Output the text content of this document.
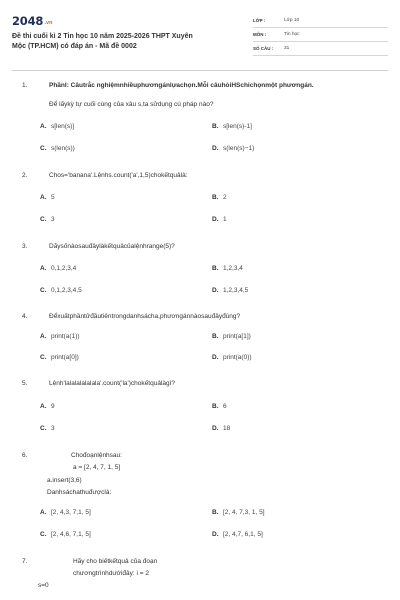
2048.vn
Đề thi cuối kì 2 Tin học 10 năm 2025-2026 THPT Xuyên
Mộc (TP.HCM) có đáp án - Mã đề 0002
LỚP :	Lớp 10
MÔN :	Tin học
SỐ CÂU :	31
1.	PhầnI: Câutrắc nghiệmnhiềuphươngánlựachọn.Mỗi câuhỏiHSchichọnmột phươngán.
Để lấykỳ tự cuối cùng của xâu s,ta sửdụng cú pháp nào?
A. s[len(s)]	B. s[len(s)-1]
C. s(len(s))	D. s(len(s)−1)
2.	Chos='banana'.Lệnhs.count('a',1,5)chokếtquảlà:
A. 5	B. 2
C. 3	D. 1
3.	Dãysốnàosauđâylàkếtquảcủalệnhrange(5)?
A. 0,1,2,3,4	B. 1,2,3,4
C. 0,1,2,3,4,5	D. 1,2,3,4,5
4.	Đểxuấtphầntửđầutiêntrongdanhsácha,phươngánnàosauđâyđúng?
A. print(a(1))	B. print(a[1])
C. print(a[0])	D. print(a(0))
5.	Lệnh'lalalalalalala'.count('la')chokếtquảlàgì?
A. 9	B. 6
C. 3	D. 18
6.	Chođoạnlệnhsau:
a = [2, 4, 7, 1, 5]
a.insert(3,6)
Danhsáchathuđượclà:
A. [2, 4,3, 7,1, 5]	B. [2, 4, 7,3, 1, 5]
C. [2, 4,6, 7,1, 5]	D. [2, 4,7, 6,1, 5]
7.	Hãy cho biếtkếtquả của đoạn
chươngtrìnhdướiđây: i = 2
s=0
